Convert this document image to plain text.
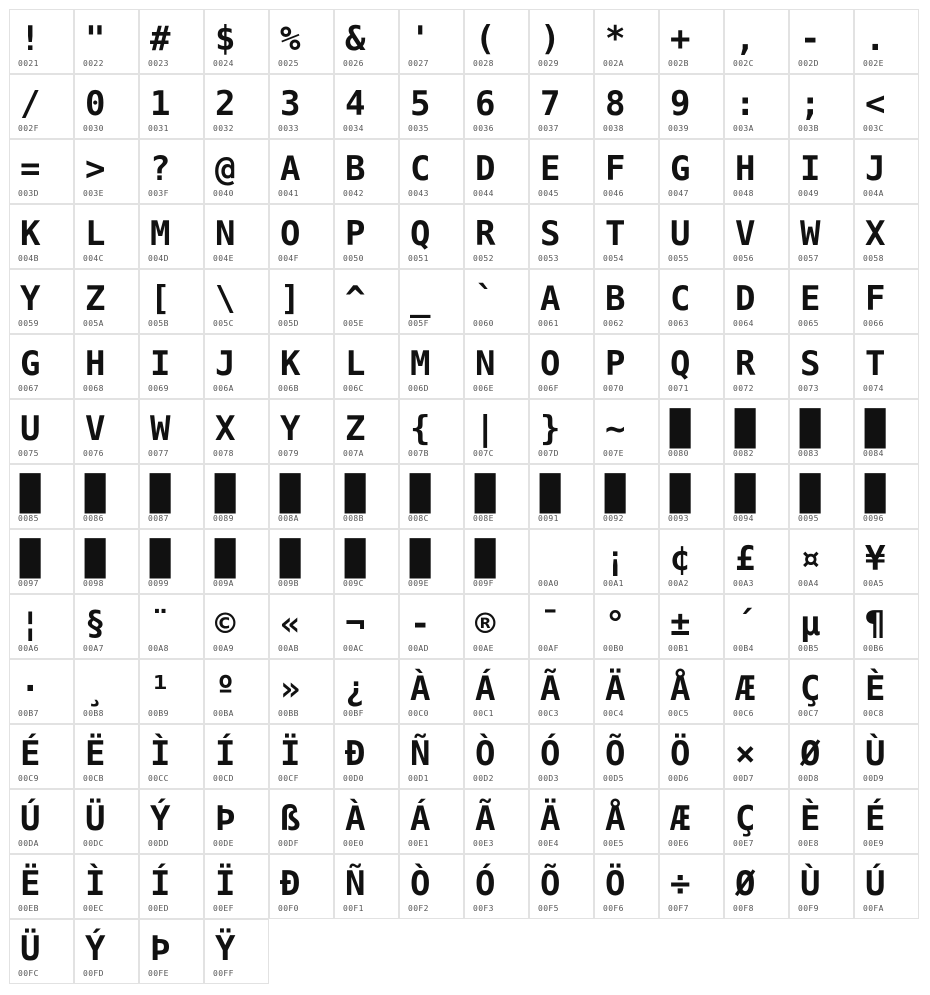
!
0021
"
0022
#
0023
$
0024
%
0025
&
0026
'
0027
(
0028
)
0029
*
002A
+
002B
,
002C
-
002D
.
002E
/
002F
0
0030
1
0031
2
0032
3
0033
4
0034
5
0035
6
0036
7
0037
8
0038
9
0039
:
003A
;
003B
<
003C
=
003D
>
003E
?
003F
@
0040
A
0041
B
0042
C
0043
D
0044
E
0045
F
0046
G
0047
H
0048
I
0049
J
004A
K
004B
L
004C
M
004D
N
004E
O
004F
P
0050
Q
0051
R
0052
S
0053
T
0054
U
0055
V
0056
W
0057
X
0058
Y
0059
Z
005A
[
005B
\
005C
]
005D
^
005E
_
005F
`
0060
A
0061
B
0062
C
0063
D
0064
E
0065
F
0066
G
0067
H
0068
I
0069
J
006A
K
006B
L
006C
M
006D
N
006E
O
006F
P
0070
Q
0071
R
0072
S
0073
T
0074
U
0075
V
0076
W
0077
X
0078
Y
0079
Z
007A
{
007B
|
007C
}
007D
~
007E
█
0080
█
0082
█
0083
█
0084
█
0085
█
0086
█
0087
█
0089
█
008A
█
008B
█
008C
█
008E
█
0091
█
0092
█
0093
█
0094
█
0095
█
0096
█
0097
█
0098
█
0099
█
009A
█
009B
█
009C
█
009E
█
009F	00A0
¡
00A1
¢
00A2
£
00A3
¤
00A4
¥
00A5
¦
00A6
§
00A7
¨
00A8
©
00A9
«
00AB
¬
00AC
-
00AD
®
00AE
¯
00AF
°
00B0
±
00B1
´
00B4
µ
00B5
¶
00B6
·
00B7
¸
00B8
¹
00B9
º
00BA
»
00BB
¿
00BF
À
00C0
Á
00C1
Ã
00C3
Ä
00C4
Å
00C5
Æ
00C6
Ç
00C7
È
00C8
É
00C9
Ë
00CB
Ì
00CC
Í
00CD
Ï
00CF
Ð
00D0
Ñ
00D1
Ò
00D2
Ó
00D3
Õ
00D5
Ö
00D6
×
00D7
Ø
00D8
Ù
00D9
Ú
00DA
Ü
00DC
Ý
00DD
Þ
00DE
ß
00DF
À
00E0
Á
00E1
Ã
00E3
Ä
00E4
Å
00E5
Æ
00E6
Ç
00E7
È
00E8
É
00E9
Ë
00EB
Ì
00EC
Í
00ED
Ï
00EF
Ð
00F0
Ñ
00F1
Ò
00F2
Ó
00F3
Õ
00F5
Ö
00F6
÷
00F7
Ø
00F8
Ù
00F9
Ú
00FA
Ü
00FC
Ý
00FD
Þ
00FE
Ÿ
00FF
